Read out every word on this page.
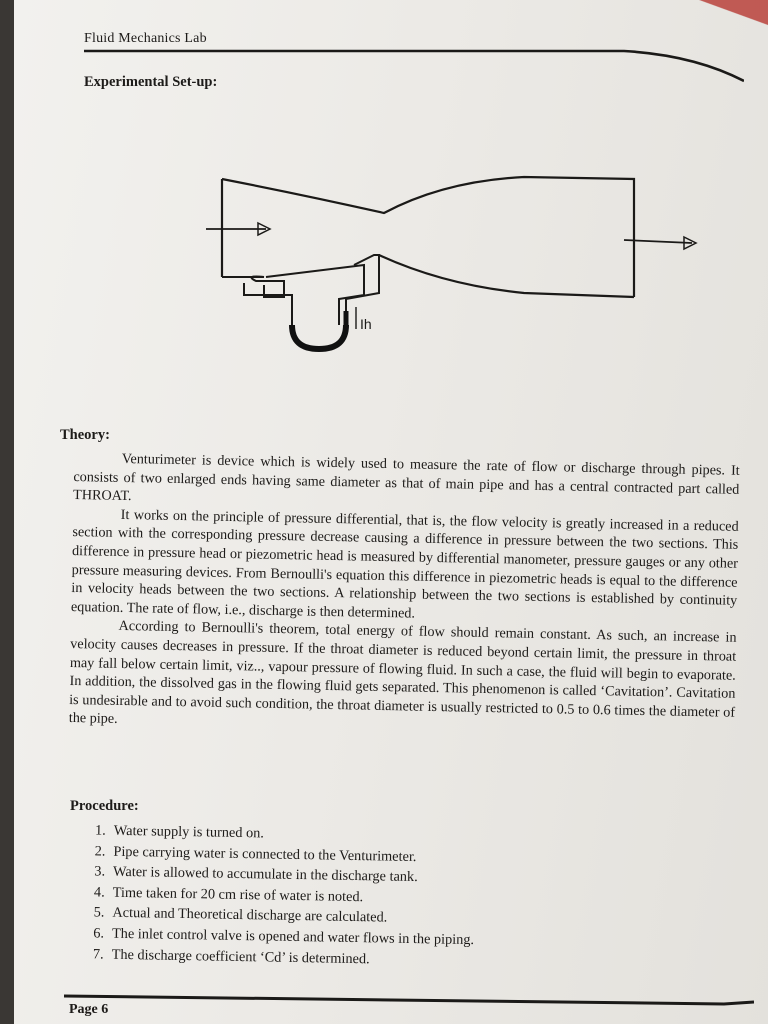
Fluid Mechanics Lab
Experimental Set-up:
Ih
Theory:

Venturimeter is device which is widely used to measure the rate of flow or discharge through pipes. It consists of two enlarged ends having same diameter as that of main pipe and has a central contracted part called THROAT.

It works on the principle of pressure differential, that is, the flow velocity is greatly increased in a reduced section with the corresponding pressure decrease causing a difference in pressure between the two sections. This difference in pressure head or piezometric head is measured by differential manometer, pressure gauges or any other pressure measuring devices. From Bernoulli's equation this difference in piezometric heads is equal to the difference in velocity heads between the two sections. A relationship between the two sections is established by continuity equation. The rate of flow, i.e., discharge is then determined.

According to Bernoulli's theorem, total energy of flow should remain constant. As such, an increase in velocity causes decreases in pressure. If the throat diameter is reduced beyond certain limit, the pressure in throat may fall below certain limit, viz.., vapour pressure of flowing fluid. In such a case, the fluid will begin to evaporate. In addition, the dissolved gas in the flowing fluid gets separated. This phenomenon is called ‘Cavitation’. Cavitation is undesirable and to avoid such condition, the throat diameter is usually restricted to 0.5 to 0.6 times the diameter of the pipe.

Procedure:
1. Water supply is turned on.
2. Pipe carrying water is connected to the Venturimeter.
3. Water is allowed to accumulate in the discharge tank.
4. Time taken for 20 cm rise of water is noted.
5. Actual and Theoretical discharge are calculated.
6. The inlet control valve is opened and water flows in the piping.
7. The discharge coefficient ‘Cd’ is determined.
Page 6
